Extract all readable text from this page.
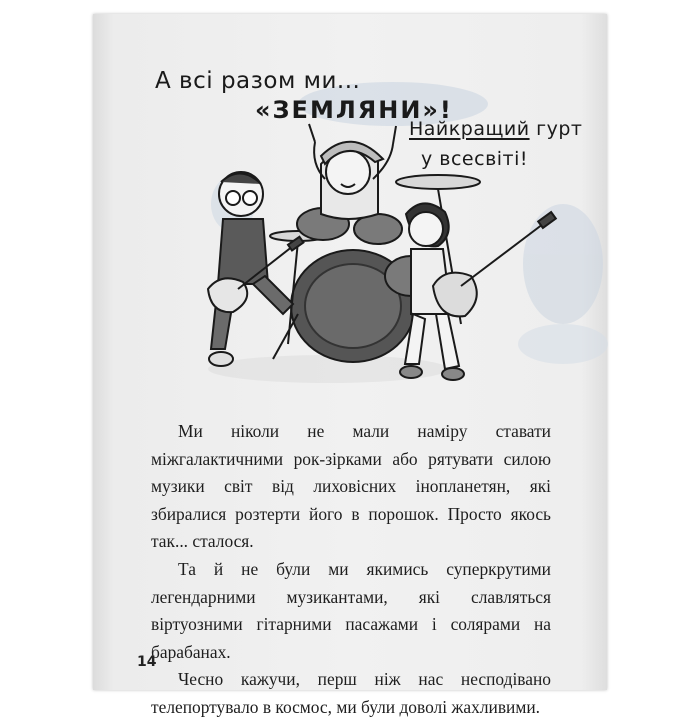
А всі разом ми...
«ЗЕМЛЯНИ»!
Найкращий гурт
у всесвіті!

Ми ніколи не мали наміру ставати міжгалактичними рок-зірками або рятувати силою музики світ від лиховісних інопланетян, які збиралися розтерти його в порошок. Просто якось так... сталося.

Та й не були ми якимись суперкрутими легендарними музикантами, які славляться віртуозними гітарними пасажами і солярами на барабанах.

Чесно кажучи, перш ніж нас несподівано телепортувало в космос, ми були доволі жахливими.

14
